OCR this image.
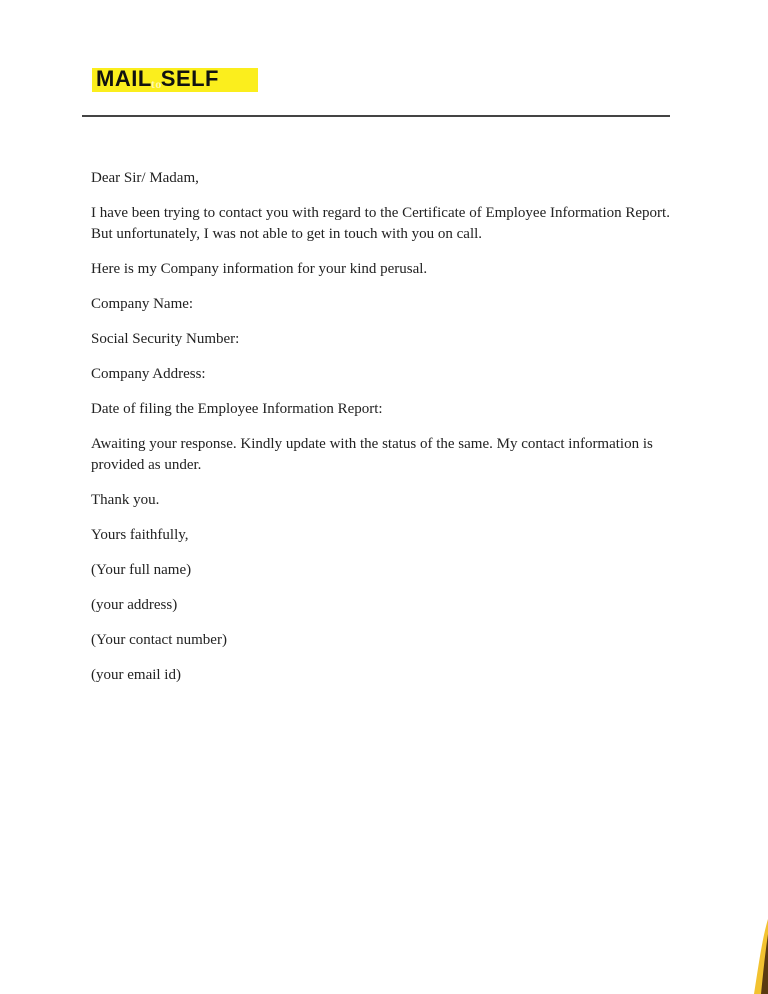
MAILtoSELF

Dear Sir/ Madam,

I have been trying to contact you with regard to the Certificate of Employee Information Report. But unfortunately, I was not able to get in touch with you on call.

Here is my Company information for your kind perusal.

Company Name:

Social Security Number:

Company Address:

Date of filing the Employee Information Report:

Awaiting your response. Kindly update with the status of the same. My contact information is provided as under.

Thank you.

Yours faithfully,

(Your full name)

(your address)

(Your contact number)

(your email id)
